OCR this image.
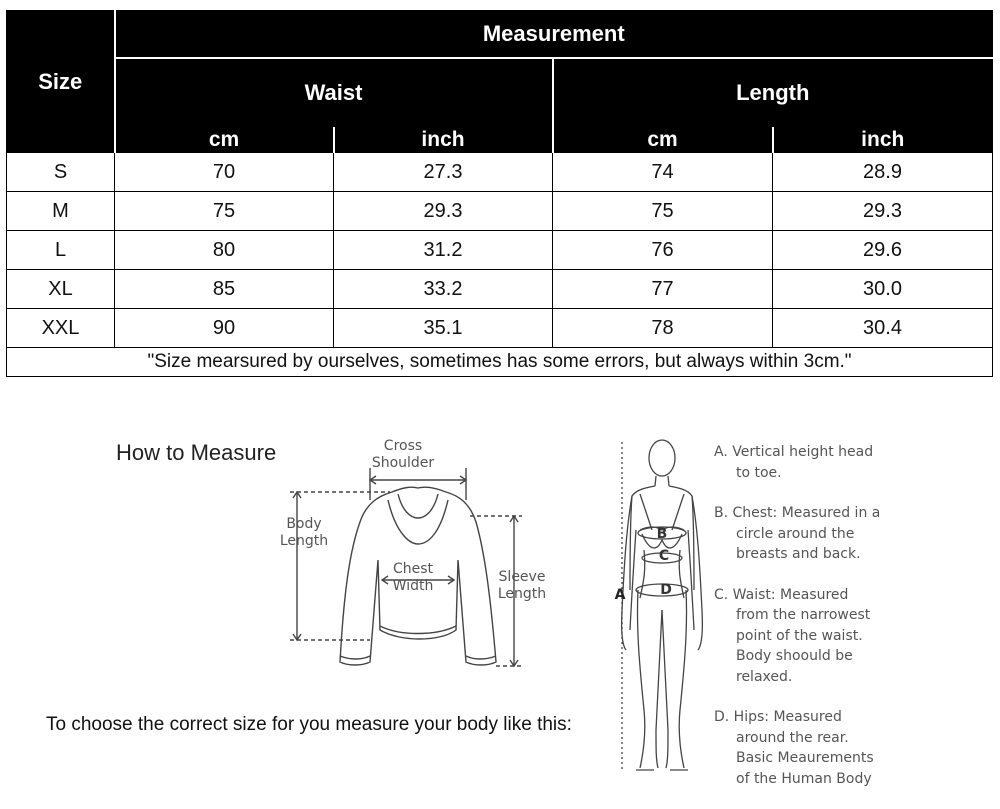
Size	Measurement			
	Waist		Length	
	cm	inch	cm	inch
S	70	27.3	74	28.9
M	75	29.3	75	29.3
L	80	31.2	76	29.6
XL	85	33.2	77	30.0
XXL	90	35.1	78	30.4
"Size mearsured by ourselves, sometimes has some errors, but always within 3cm."				
How to Measure	Cross
Shoulder
Body
Length
Chest
Width
Sleeve
Length
To choose the correct size for you measure your body like this:
A
B
C
D
A. Vertical height head
to toe.
B. Chest: Measured in a
circle around the
breasts and back.
C. Waist: Measured
from the narrowest
point of the waist.
Body shoould be
relaxed.
D. Hips: Measured
around the rear.
Basic Meaurements
of the Human Body
